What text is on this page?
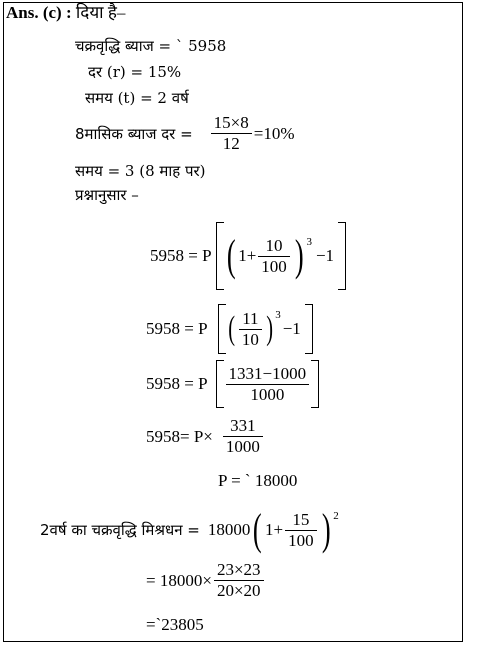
Ans. (c) : दिया है–
चक्रवृद्धि ब्याज = ` 5958
दर (r) = 15%
समय (t) = 2 वर्ष
8मासिक ब्याज दर = $\frac{15\times 8}{12} =10\%$
समय = 3 (8 माह पर)
प्रश्नानुसार –
5958 = P ( $1+ \frac{10}{100}$ ) $^3$
−1
5958 = P ( $\frac{11}{10} )^3$
−1
5958 = P $\frac{1331-1000}{1000}$
$5958= P\times \frac{331}{1000}$
P = ` 18000
2वर्ष का चक्रवृद्धि मिश्रधन = 18000 ( $1+ \frac{15}{100}$ ) $^2$
= $18000\times \frac{23\times 23}{20\times 20}$
=`23805
